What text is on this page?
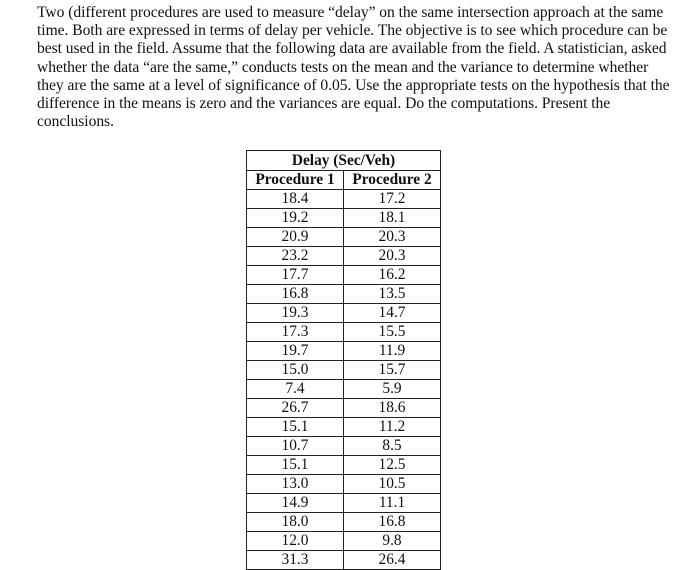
Two (different procedures are used to measure “delay” on the same intersection approach at the same time. Both are expressed in terms of delay per vehicle. The objective is to see which procedure can be best used in the field. Assume that the following data are available from the field. A statistician, asked whether the data “are the same,” conducts tests on the mean and the variance to determine whether they are the same at a level of significance of 0.05. Use the appropriate tests on the hypothesis that the difference in the means is zero and the variances are equal. Do the computations. Present the conclusions.

Delay (Sec/Veh)	
Procedure 1	Procedure 2
18.4	17.2
19.2	18.1
20.9	20.3
23.2	20.3
17.7	16.2
16.8	13.5
19.3	14.7
17.3	15.5
19.7	11.9
15.0	15.7
7.4	5.9
26.7	18.6
15.1	11.2
10.7	8.5
15.1	12.5
13.0	10.5
14.9	11.1
18.0	16.8
12.0	9.8
31.3	26.4
